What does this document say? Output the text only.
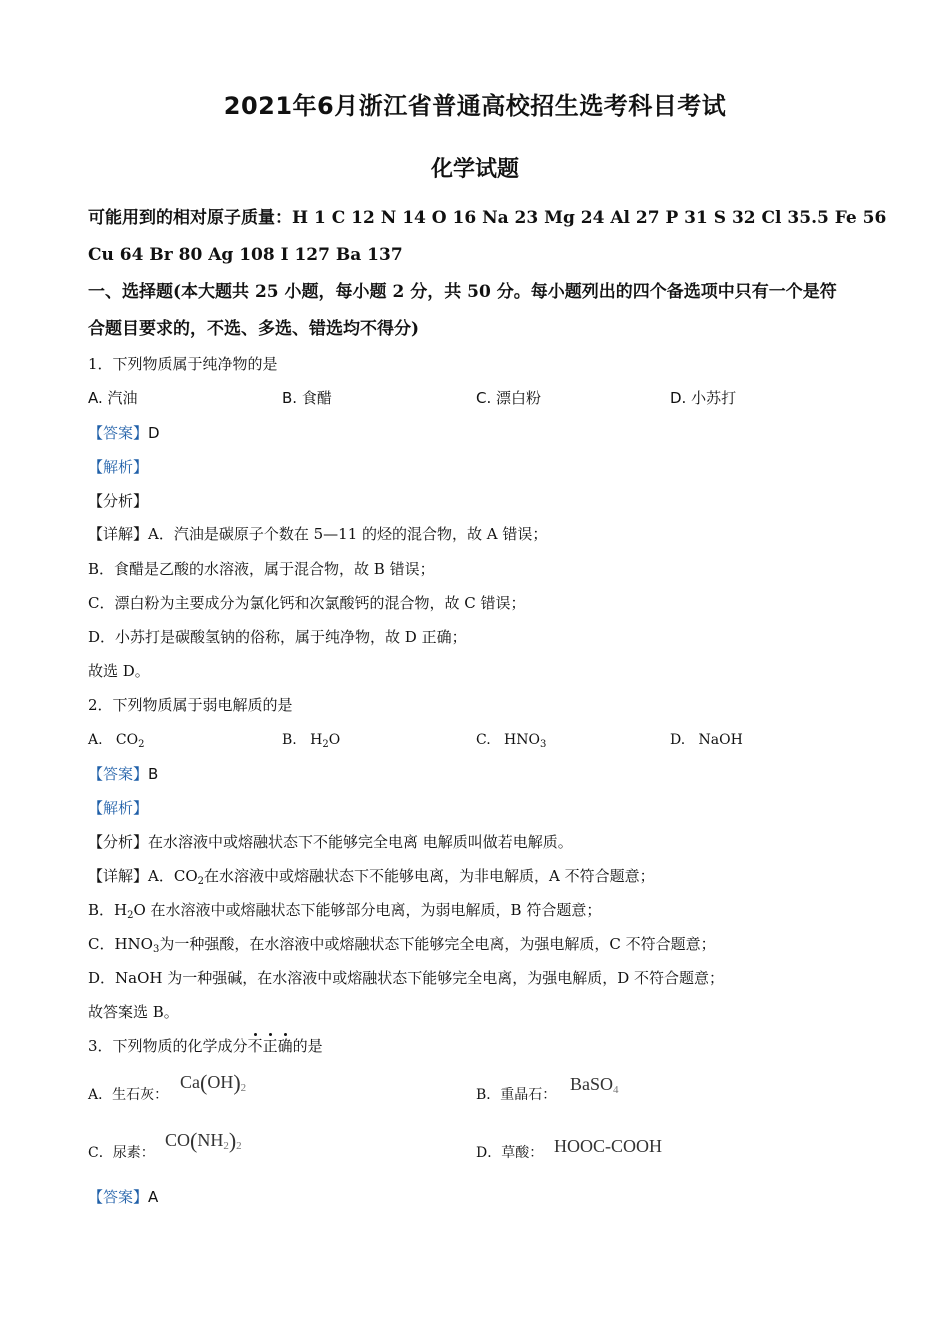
2021年6月浙江省普通高校招生选考科目考试
化学试题
可能用到的相对原子质量：H 1 C 12 N 14 O 16 Na 23 Mg 24 Al 27 P 31 S 32 Cl 35.5 Fe 56
Cu 64 Br 80 Ag 108 I 127 Ba 137
一、选择题(本大题共 25 小题，每小题 2 分，共 50 分。每小题列出的四个备选项中只有一个是符
合题目要求的，不选、多选、错选均不得分)
1．下列物质属于纯净物的是
A. 汽油	B. 食醋	C. 漂白粉	D. 小苏打
【答案】D
【解析】
【分析】
【详解】A．汽油是碳原子个数在 5—11 的烃的混合物，故 A 错误；
B．食醋是乙酸的水溶液，属于混合物，故 B 错误；
C．漂白粉为主要成分为氯化钙和次氯酸钙的混合物，故 C 错误；
D．小苏打是碳酸氢钠的俗称，属于纯净物，故 D 正确；
故选 D。
2．下列物质属于弱电解质的是
A. $CO_2$	B. $H_2O$	C. $HNO_3$	D. NaOH
【答案】B
【解析】
【分析】在水溶液中或熔融状态下不能够完全电离 电解质叫做若电解质。
【详解】A．$CO_2$在水溶液中或熔融状态下不能够电离，为非电解质，A 不符合题意；
B．$H_2O$ 在水溶液中或熔融状态下能够部分电离，为弱电解质，B 符合题意；
C．$HNO_3$为一种强酸，在水溶液中或熔融状态下能够完全电离，为强电解质，C 不符合题意；
D．NaOH 为一种强碱，在水溶液中或熔融状态下能够完全电离，为强电解质，D 不符合题意；
故答案选 B。
3．下列物质的化学成分不正确的是
A．生石灰：
$Ca(OH)_2$	B．重晶石：
BaSO$_4$
C．尿素：
$CO(NH_2)_2$	D．草酸： HOOC-COOH
【答案】A
